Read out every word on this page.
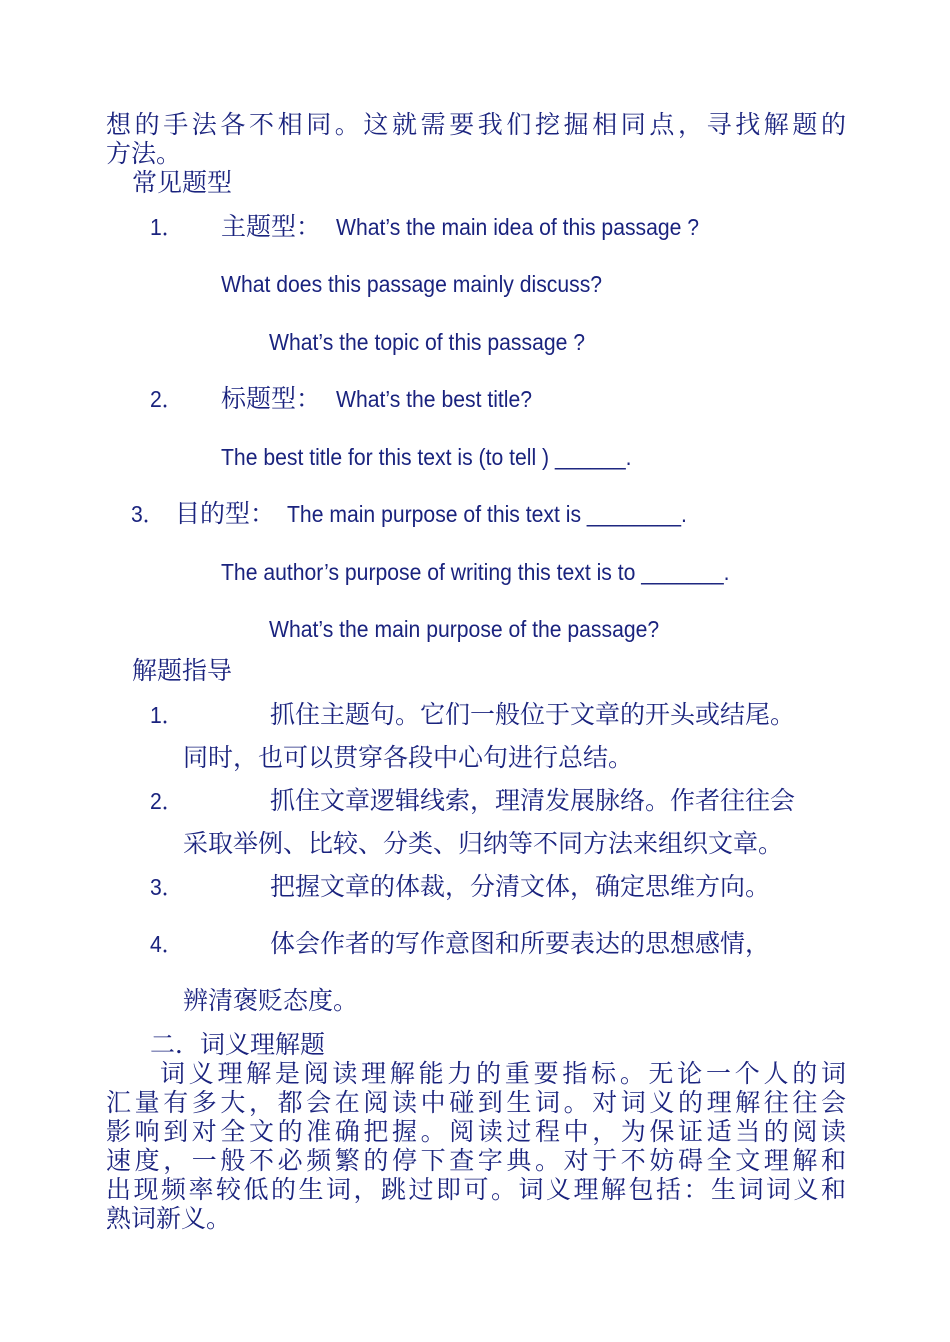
想的手法各不相同。这就需要我们挖掘相同点，寻找解题的
方法。
常见题型
1． 主题型： What’s the main idea of this passage ?
What does this passage mainly discuss?
What’s the topic of this passage ?
2． 标题型： What’s the best title?
The best title for this text is (to tell ) ______.
3． 目的型： The main purpose of this text is ________.
The author’s purpose of writing this text is to _______.
What’s the main purpose of the passage?
解题指导
1．	抓住主题句。它们一般位于文章的开头或结尾。
同时，也可以贯穿各段中心句进行总结。
2．	抓住文章逻辑线索，理清发展脉络。作者往往会
采取举例、比较、分类、归纳等不同方法来组织文章。
3．	把握文章的体裁，分清文体，确定思维方向。
4．	体会作者的写作意图和所要表达的思想感情，
辨清褒贬态度。
二．词义理解题
词义理解是阅读理解能力的重要指标。无论一个人的词
汇量有多大，都会在阅读中碰到生词。对词义的理解往往会
影响到对全文的准确把握。阅读过程中，为保证适当的阅读
速度，一般不必频繁的停下查字典。对于不妨碍全文理解和
出现频率较低的生词，跳过即可。词义理解包括：生词词义和
熟词新义。
